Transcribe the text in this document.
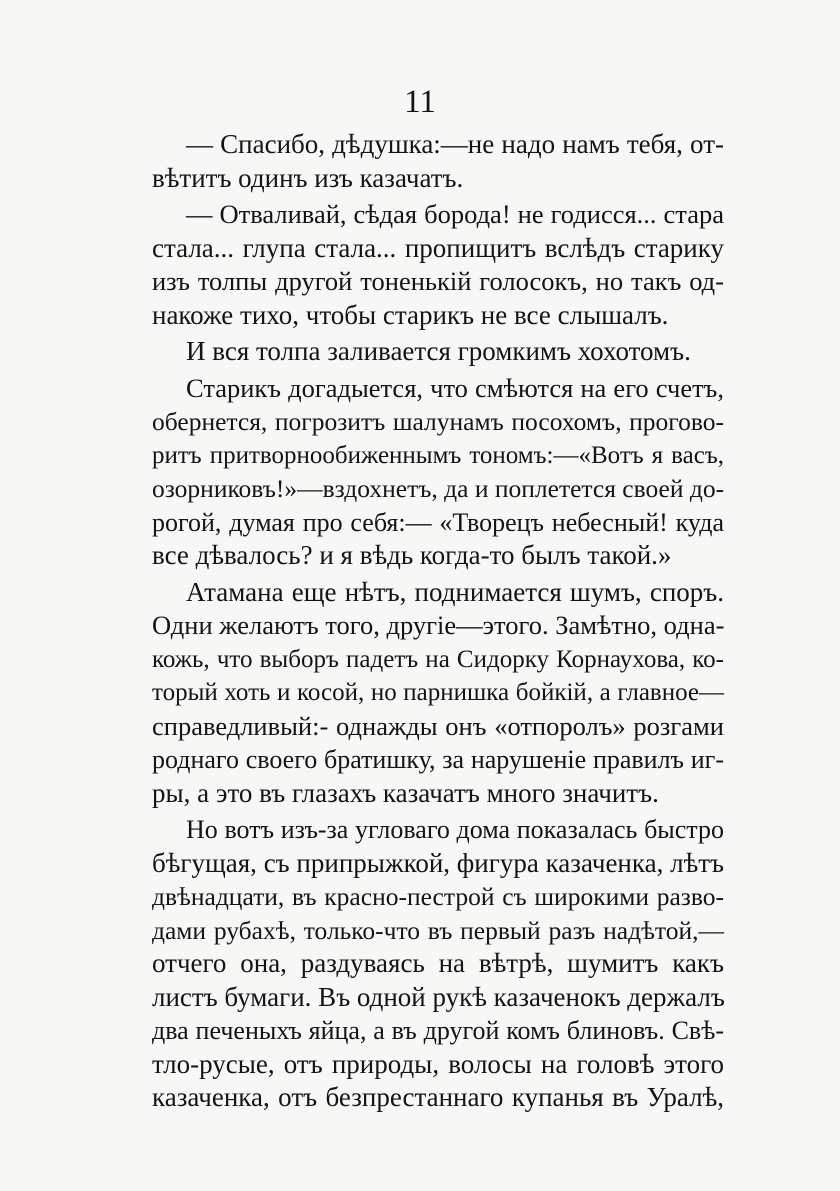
11
— Спасибо, дѣдушка:—не надо намъ тебя, от-
вѣтитъ одинъ изъ казачатъ.
— Отваливай, сѣдая борода! не годисся... стара
стала... глупа стала... пропищитъ вслѣдъ старику
изъ толпы другой тоненькій голосокъ, но такъ од-
накоже тихо, чтобы старикъ не все слышалъ.
И вся толпа заливается громкимъ хохотомъ.
Старикъ догадыется, что смѣются на его счетъ,
обернется, погрозитъ шалунамъ посохомъ, прогово-
ритъ притворнообиженнымъ тономъ:—«Вотъ я васъ,
озорниковъ!»—вздохнетъ, да и поплетется своей до-
рогой, думая про себя:— «Творецъ небесный! куда
все дѣвалось? и я вѣдь когда-то былъ такой.»
Атамана еще нѣтъ, поднимается шумъ, споръ.
Одни желаютъ того, другіе—этого. Замѣтно, одна-
кожь, что выборъ падетъ на Сидорку Корнаухова, ко-
торый хоть и косой, но парнишка бойкій, а главное—
справедливый:- однажды онъ «отпоролъ» розгами
роднаго своего братишку, за нарушеніе правилъ иг-
ры, а это въ глазахъ казачатъ много значитъ.
Но вотъ изъ-за угловаго дома показалась быстро
бѣгущая, съ припрыжкой, фигура казаченка, лѣтъ
двѣнадцати, въ красно-пестрой съ широкими разво-
дами рубахѣ, только-что въ первый разъ надѣтой,—
отчего она, раздуваясь на вѣтрѣ, шумитъ какъ
листъ бумаги. Въ одной рукѣ казаченокъ держалъ
два печеныхъ яйца, а въ другой комъ блиновъ. Свѣ-
тло-русые, отъ природы, волосы на головѣ этого
казаченка, отъ безпрестаннаго купанья въ Уралѣ,
